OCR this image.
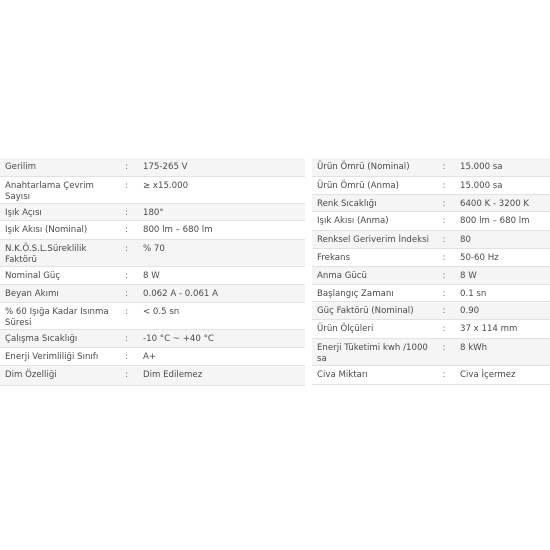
Gerilim	:	175-265 V
Anahtarlama Çevrim Sayısı	:	≥ x15.000
Işık Açısı	:	180°
Işık Akısı (Nominal)	:	800 lm – 680 lm
N.K.Ö.S.L.Süreklilik Faktörü	:	% 70
Nominal Güç	:	8 W
Beyan Akımı	:	0.062 A - 0.061 A
% 60 Işığa Kadar Isınma Süresi	:	< 0.5 sn
Çalışma Sıcaklığı	:	-10 °C ~ +40 °C
Enerji Verimliliği Sınıfı	:	A+
Dim Özelliği	:	Dim Edilemez
Ürün Ömrü (Nominal)	:	15.000 sa
Ürün Ömrü (Anma)	:	15.000 sa
Renk Sıcaklığı	:	6400 K - 3200 K
Işık Akısı (Anma)	:	800 lm – 680 lm
Renksel Geriverim İndeksi	:	80
Frekans	:	50-60 Hz
Anma Gücü	:	8 W
Başlangıç Zamanı	:	0.1 sn
Güç Faktörü (Nominal)	:	0.90
Ürün Ölçüleri	:	37 x 114 mm
Enerji Tüketimi kwh /1000 sa	:	8 kWh
Civa Miktarı	:	Civa İçermez
